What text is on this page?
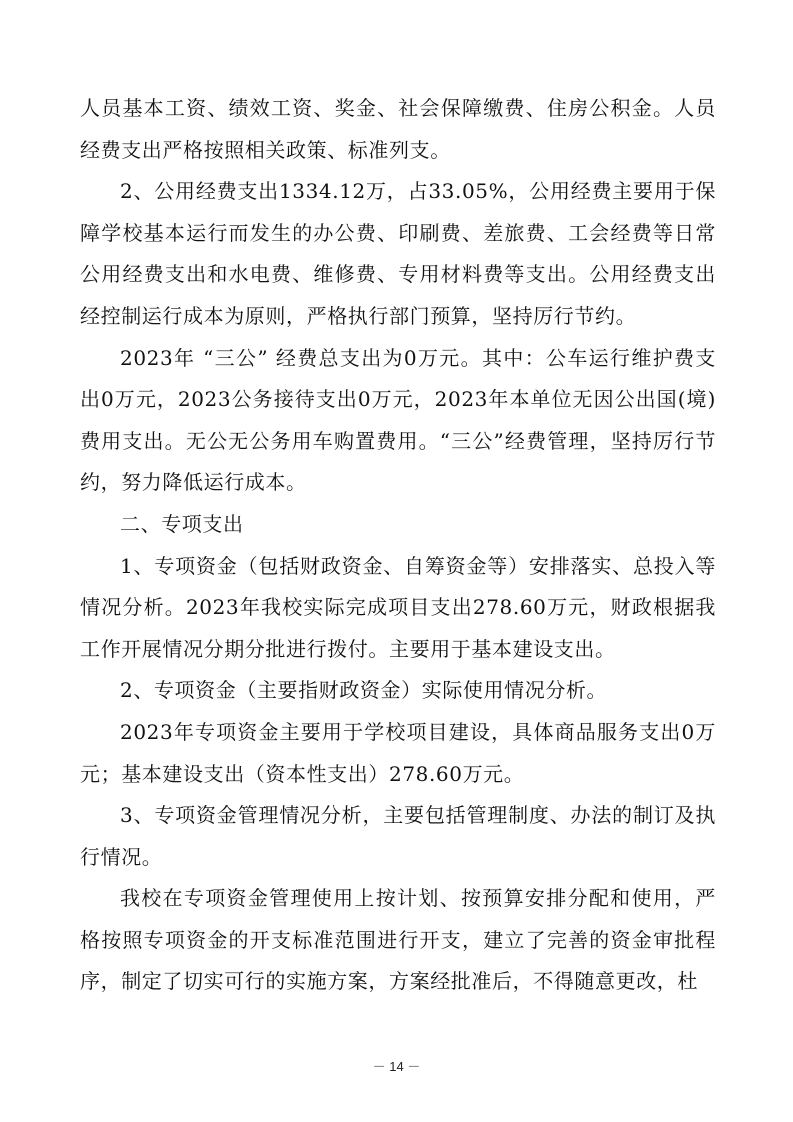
人员基本工资、绩效工资、奖金、社会保障缴费、住房公积金。人员经费支出严格按照相关政策、标准列支。

2、公用经费支出1334.12万，占33.05%，公用经费主要用于保障学校基本运行而发生的办公费、印刷费、差旅费、工会经费等日常公用经费支出和水电费、维修费、专用材料费等支出。公用经费支出经控制运行成本为原则，严格执行部门预算，坚持厉行节约。

2023年 “三公” 经费总支出为0万元。其中：公车运行维护费支出0万元，2023公务接待支出0万元，2023年本单位无因公出国(境)费用支出。无公无公务用车购置费用。“三公”经费管理，坚持厉行节约，努力降低运行成本。

二、专项支出

1、专项资金（包括财政资金、自筹资金等）安排落实、总投入等情况分析。2023年我校实际完成项目支出278.60万元，财政根据我工作开展情况分期分批进行拨付。主要用于基本建设支出。

2、专项资金（主要指财政资金）实际使用情况分析。

2023年专项资金主要用于学校项目建设，具体商品服务支出0万元；基本建设支出（资本性支出）278.60万元。

3、专项资金管理情况分析，主要包括管理制度、办法的制订及执行情况。

我校在专项资金管理使用上按计划、按预算安排分配和使用，严格按照专项资金的开支标准范围进行开支，建立了完善的资金审批程序，制定了切实可行的实施方案，方案经批准后，不得随意更改，杜

－ 14 －
